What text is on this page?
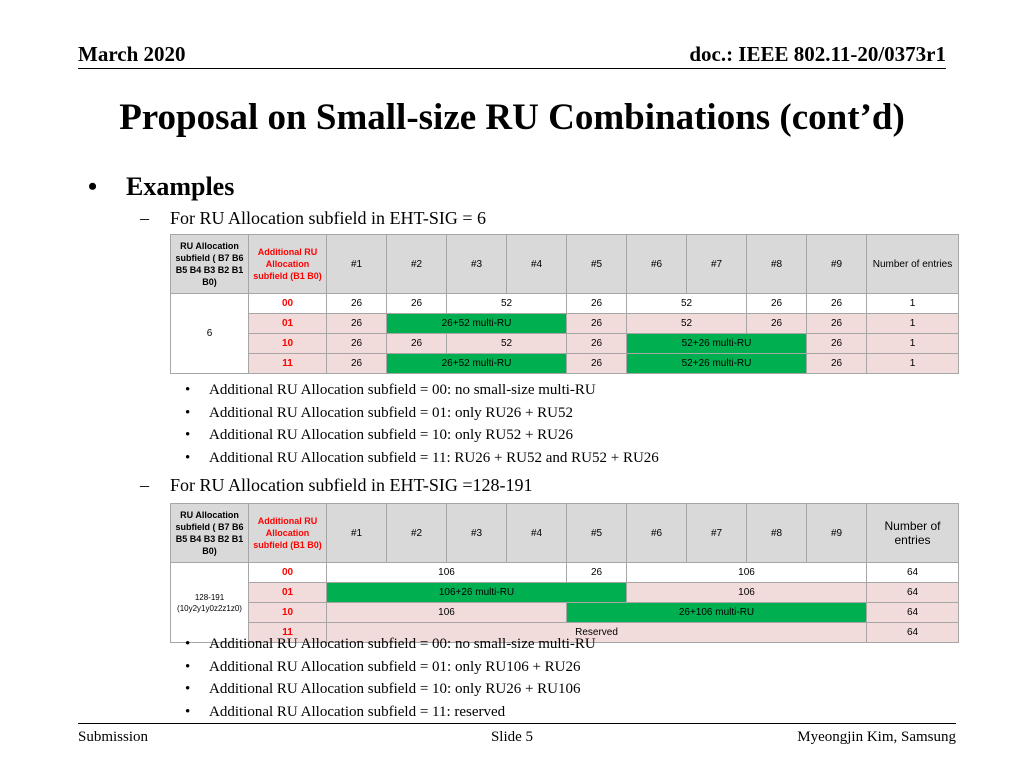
March 2020	doc.: IEEE 802.11-20/0373r1
Proposal on Small-size RU Combinations (cont’d)
• Examples
– For RU Allocation subfield in EHT-SIG = 6
RU Allocation subfield ( B7 B6 B5 B4 B3 B2 B1 B0)	Additional RU Allocation subfield (B1 B0)	#1	#2	#3	#4	#5	#6	#7	#8	#9	Number of entries
6	00	26	26	52		26	52		26	26	1
	01	26	26+52 multi-RU			26	52		26	26	1
	10	26	26	52		26	52+26 multi-RU			26	1
	11	26	26+52 multi-RU			26	52+26 multi-RU			26	1
• Additional RU Allocation subfield = 00: no small-size multi-RU
• Additional RU Allocation subfield = 01: only RU26 + RU52
• Additional RU Allocation subfield = 10: only RU52 + RU26
• Additional RU Allocation subfield = 11: RU26 + RU52 and RU52 + RU26
– For RU Allocation subfield in EHT-SIG =128-191
RU Allocation subfield ( B7 B6 B5 B4 B3 B2 B1 B0)	Additional RU Allocation subfield (B1 B0)	#1	#2	#3	#4	#5	#6	#7	#8	#9	Number of entries

128-191
(10y2y1y0z2z1z0)	00	106				26	106				64
	01	106+26 multi-RU					106				64
	10	106				26+106 multi-RU					64
	11	Reserved									64
• Additional RU Allocation subfield = 00: no small-size multi-RU
• Additional RU Allocation subfield = 01: only RU106 + RU26
• Additional RU Allocation subfield = 10: only RU26 + RU106
• Additional RU Allocation subfield = 11: reserved
Submission	Slide 5	Myeongjin Kim, Samsung
